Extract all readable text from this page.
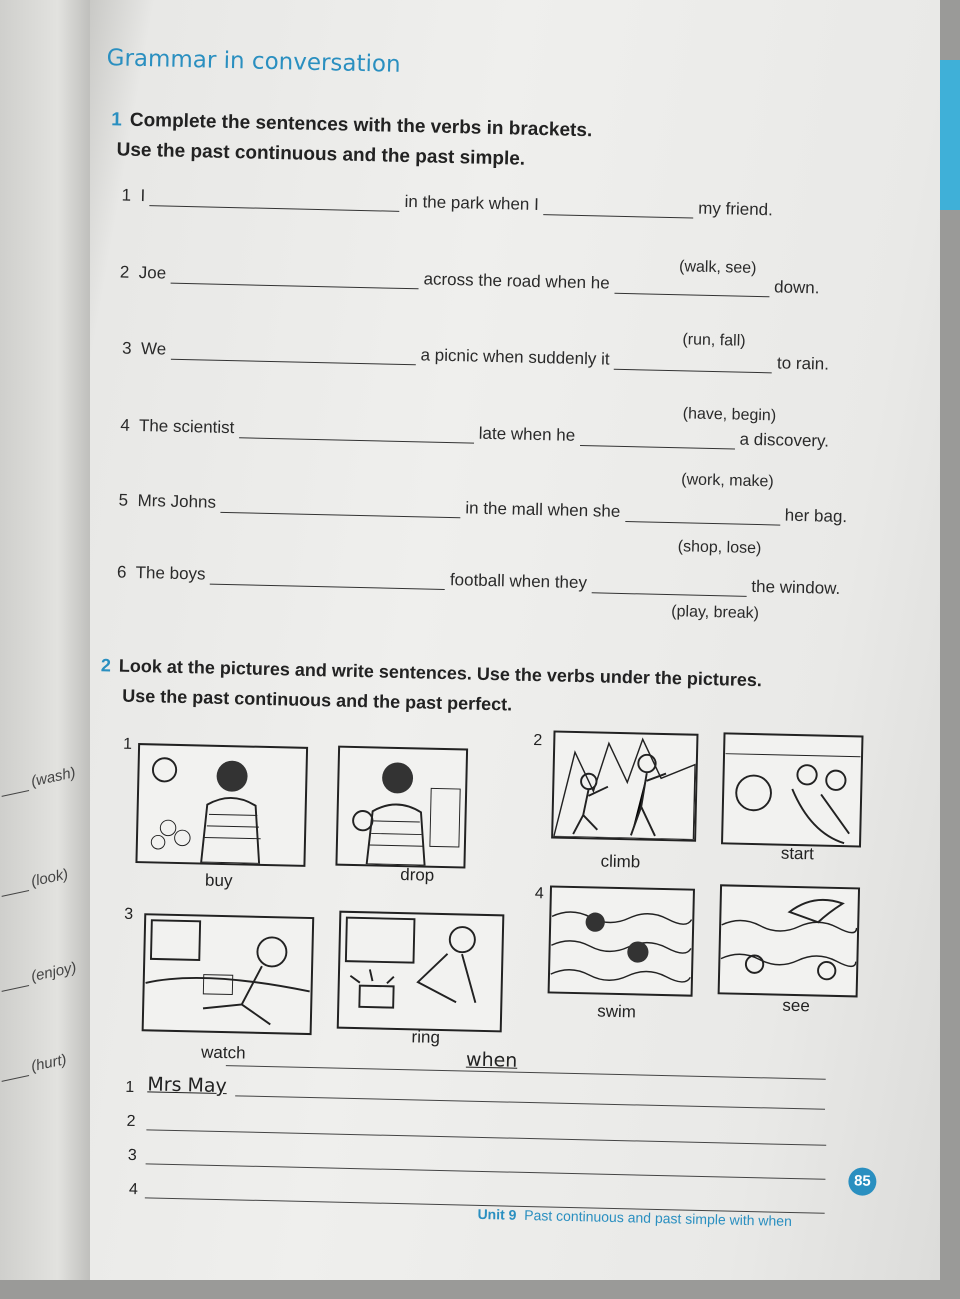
(wash)
(look)
(enjoy)
(hurt)
Grammar in conversation
1 Complete the sentences with the verbs in brackets.
Use the past continuous and the past simple.
1 I	in the park when I	my friend.
(walk, see)
2 Joe	across the road when he	down.
(run, fall)
3 We	a picnic when suddenly it	to rain.
(have, begin)
4 The scientist	late when he	a discovery.
(work, make)
5 Mrs Johns	in the mall when she	her bag.
(shop, lose)
6 The boys	football when they	the window.
(play, break)
2 Look at the pictures and write sentences. Use the verbs under the pictures.
Use the past continuous and the past perfect.
1
buy	drop
2
climb	start
3
watch
ring
4
swim	see
when
1 Mrs May
2
3
4
Unit 9 Past continuous and past simple with when
85
